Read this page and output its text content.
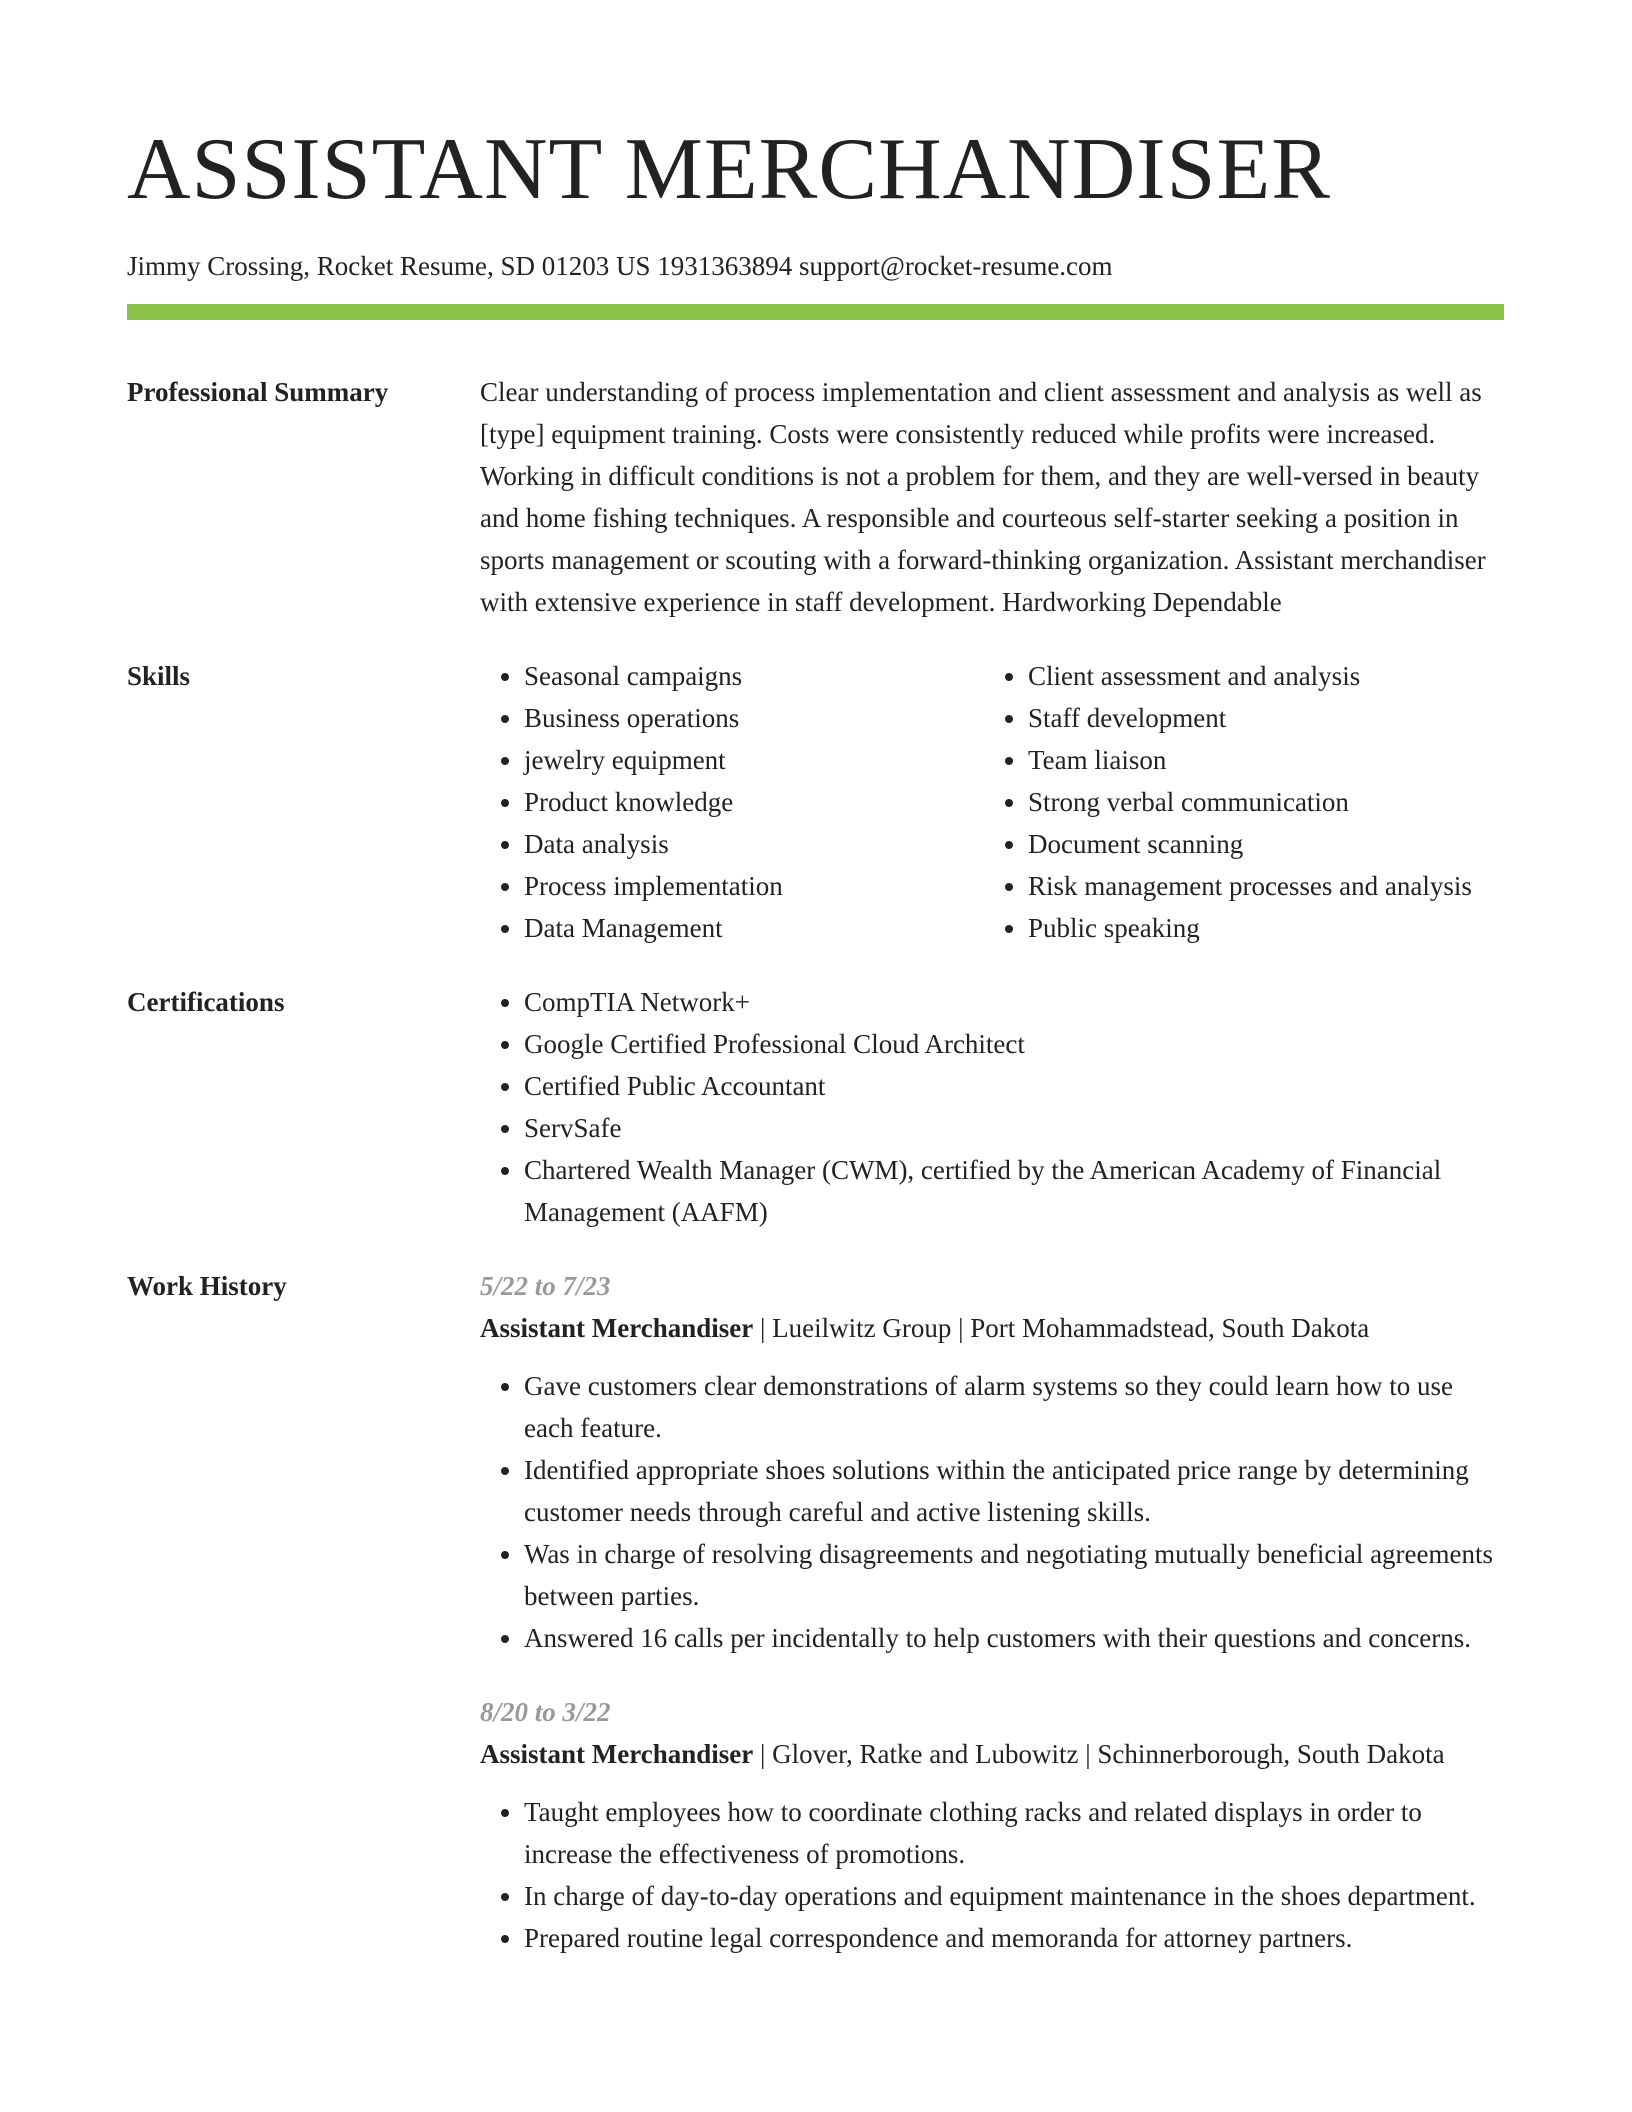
ASSISTANT MERCHANDISER
Jimmy Crossing, Rocket Resume, SD 01203 US 1931363894 support@rocket-resume.com
Professional Summary	Clear understanding of process implementation and client assessment and analysis as well as [type] equipment training. Costs were consistently reduced while profits were increased. Working in difficult conditions is not a problem for them, and they are well-versed in beauty and home fishing techniques. A responsible and courteous self-starter seeking a position in sports management or scouting with a forward-thinking organization. Assistant merchandiser with extensive experience in staff development. Hardworking Dependable
Skills	• Seasonal campaigns
• Business operations
• jewelry equipment
• Product knowledge
• Data analysis
• Process implementation
• Data Management
• Client assessment and analysis
• Staff development
• Team liaison
• Strong verbal communication
• Document scanning
• Risk management processes and analysis
• Public speaking
Certifications	• CompTIA Network+
• Google Certified Professional Cloud Architect
• Certified Public Accountant
• ServSafe
• Chartered Wealth Manager (CWM), certified by the American Academy of Financial Management (AAFM)
Work History	5/22 to 7/23
Assistant Merchandiser | Lueilwitz Group | Port Mohammadstead, South Dakota
• Gave customers clear demonstrations of alarm systems so they could learn how to use each feature.
• Identified appropriate shoes solutions within the anticipated price range by determining customer needs through careful and active listening skills.
• Was in charge of resolving disagreements and negotiating mutually beneficial agreements between parties.
• Answered 16 calls per incidentally to help customers with their questions and concerns.
8/20 to 3/22
Assistant Merchandiser | Glover, Ratke and Lubowitz | Schinnerborough, South Dakota
• Taught employees how to coordinate clothing racks and related displays in order to increase the effectiveness of promotions.
• In charge of day-to-day operations and equipment maintenance in the shoes department.
• Prepared routine legal correspondence and memoranda for attorney partners.
